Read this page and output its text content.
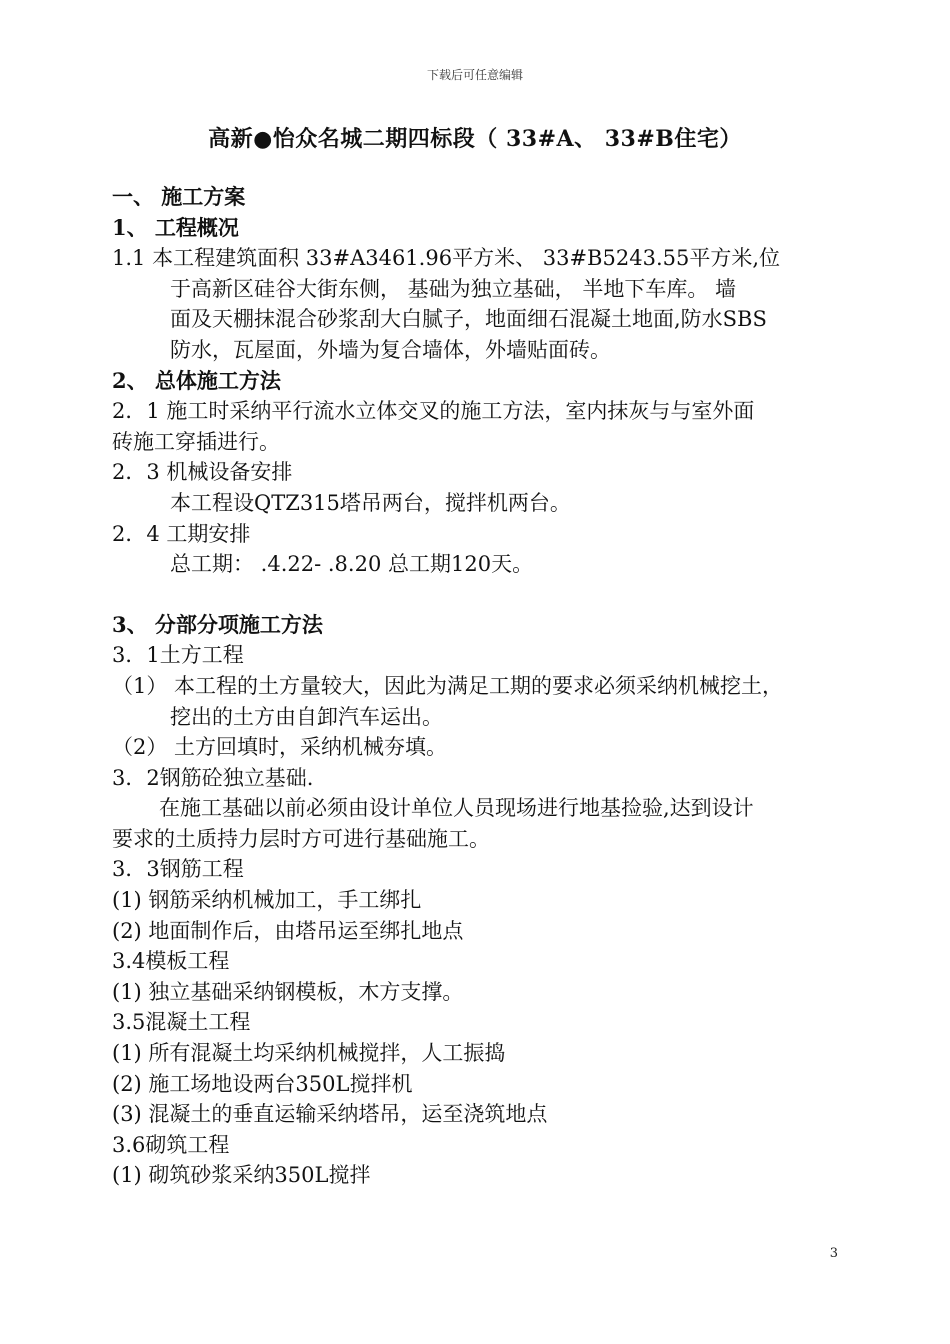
下载后可任意编辑
高新●怡众名城二期四标段（ 33#A、 33#B住宅）
一、 施工方案
1、 工程概况
1.1 本工程建筑面积 33#A3461.96平方米、 33#B5243.55平方米,位
于高新区硅谷大街东侧， 基础为独立基础， 半地下车库。 墙
面及天棚抹混合砂浆刮大白腻子，地面细石混凝土地面,防水SBS
防水，瓦屋面，外墙为复合墙体，外墙贴面砖。
2、 总体施工方法
2．1 施工时采纳平行流水立体交叉的施工方法，室内抹灰与与室外面
砖施工穿插进行。
2．3 机械设备安排
本工程设QTZ315塔吊两台，搅拌机两台。
2．4 工期安排
总工期： .4.22- .8.20 总工期120天。
3、 分部分项施工方法
3．1土方工程
（1） 本工程的土方量较大，因此为满足工期的要求必须采纳机械挖土，
挖出的土方由自卸汽车运出。
（2） 土方回填时，采纳机械夯填。
3．2钢筋砼独立基础.
在施工基础以前必须由设计单位人员现场进行地基捡验,达到设计
要求的土质持力层时方可进行基础施工。
3．3钢筋工程
(1) 钢筋采纳机械加工，手工绑扎
(2) 地面制作后，由塔吊运至绑扎地点
3.4模板工程
(1) 独立基础采纳钢模板，木方支撑。
3.5混凝土工程
(1) 所有混凝土均采纳机械搅拌，人工振捣
(2) 施工场地设两台350L搅拌机
(3) 混凝土的垂直运输采纳塔吊，运至浇筑地点
3.6砌筑工程
(1) 砌筑砂浆采纳350L搅拌
3
